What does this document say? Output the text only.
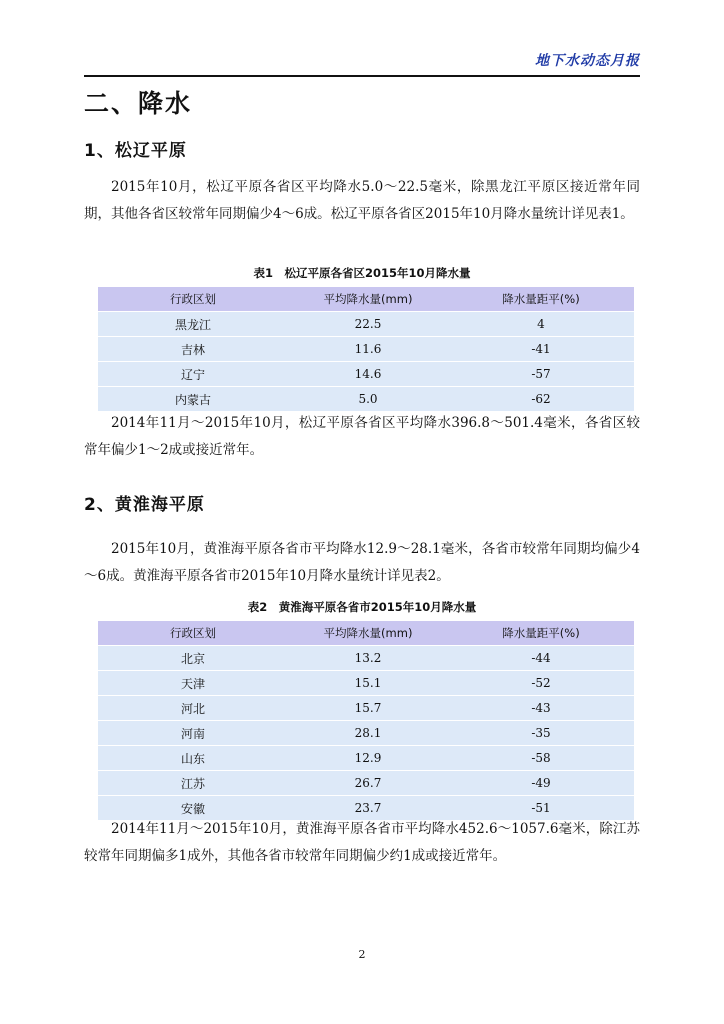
地下水动态月报
二、降水
1、松辽平原
2015年10月，松辽平原各省区平均降水5.0～22.5毫米，除黑龙江平原区接近常年同期，其他各省区较常年同期偏少4～6成。松辽平原各省区2015年10月降水量统计详见表1。
表1　松辽平原各省区2015年10月降水量
行政区划	平均降水量(mm)	降水量距平(%)
黑龙江	22.5	4
吉林	11.6	-41
辽宁	14.6	-57
内蒙古	5.0	-62
2014年11月～2015年10月，松辽平原各省区平均降水396.8～501.4毫米，各省区较常年偏少1～2成或接近常年。
2、黄淮海平原
2015年10月，黄淮海平原各省市平均降水12.9～28.1毫米，各省市较常年同期均偏少4～6成。黄淮海平原各省市2015年10月降水量统计详见表2。
表2　黄淮海平原各省市2015年10月降水量
行政区划	平均降水量(mm)	降水量距平(%)
北京	13.2	-44
天津	15.1	-52
河北	15.7	-43
河南	28.1	-35
山东	12.9	-58
江苏	26.7	-49
安徽	23.7	-51
2014年11月～2015年10月，黄淮海平原各省市平均降水452.6～1057.6毫米，除江苏较常年同期偏多1成外，其他各省市较常年同期偏少约1成或接近常年。
2
